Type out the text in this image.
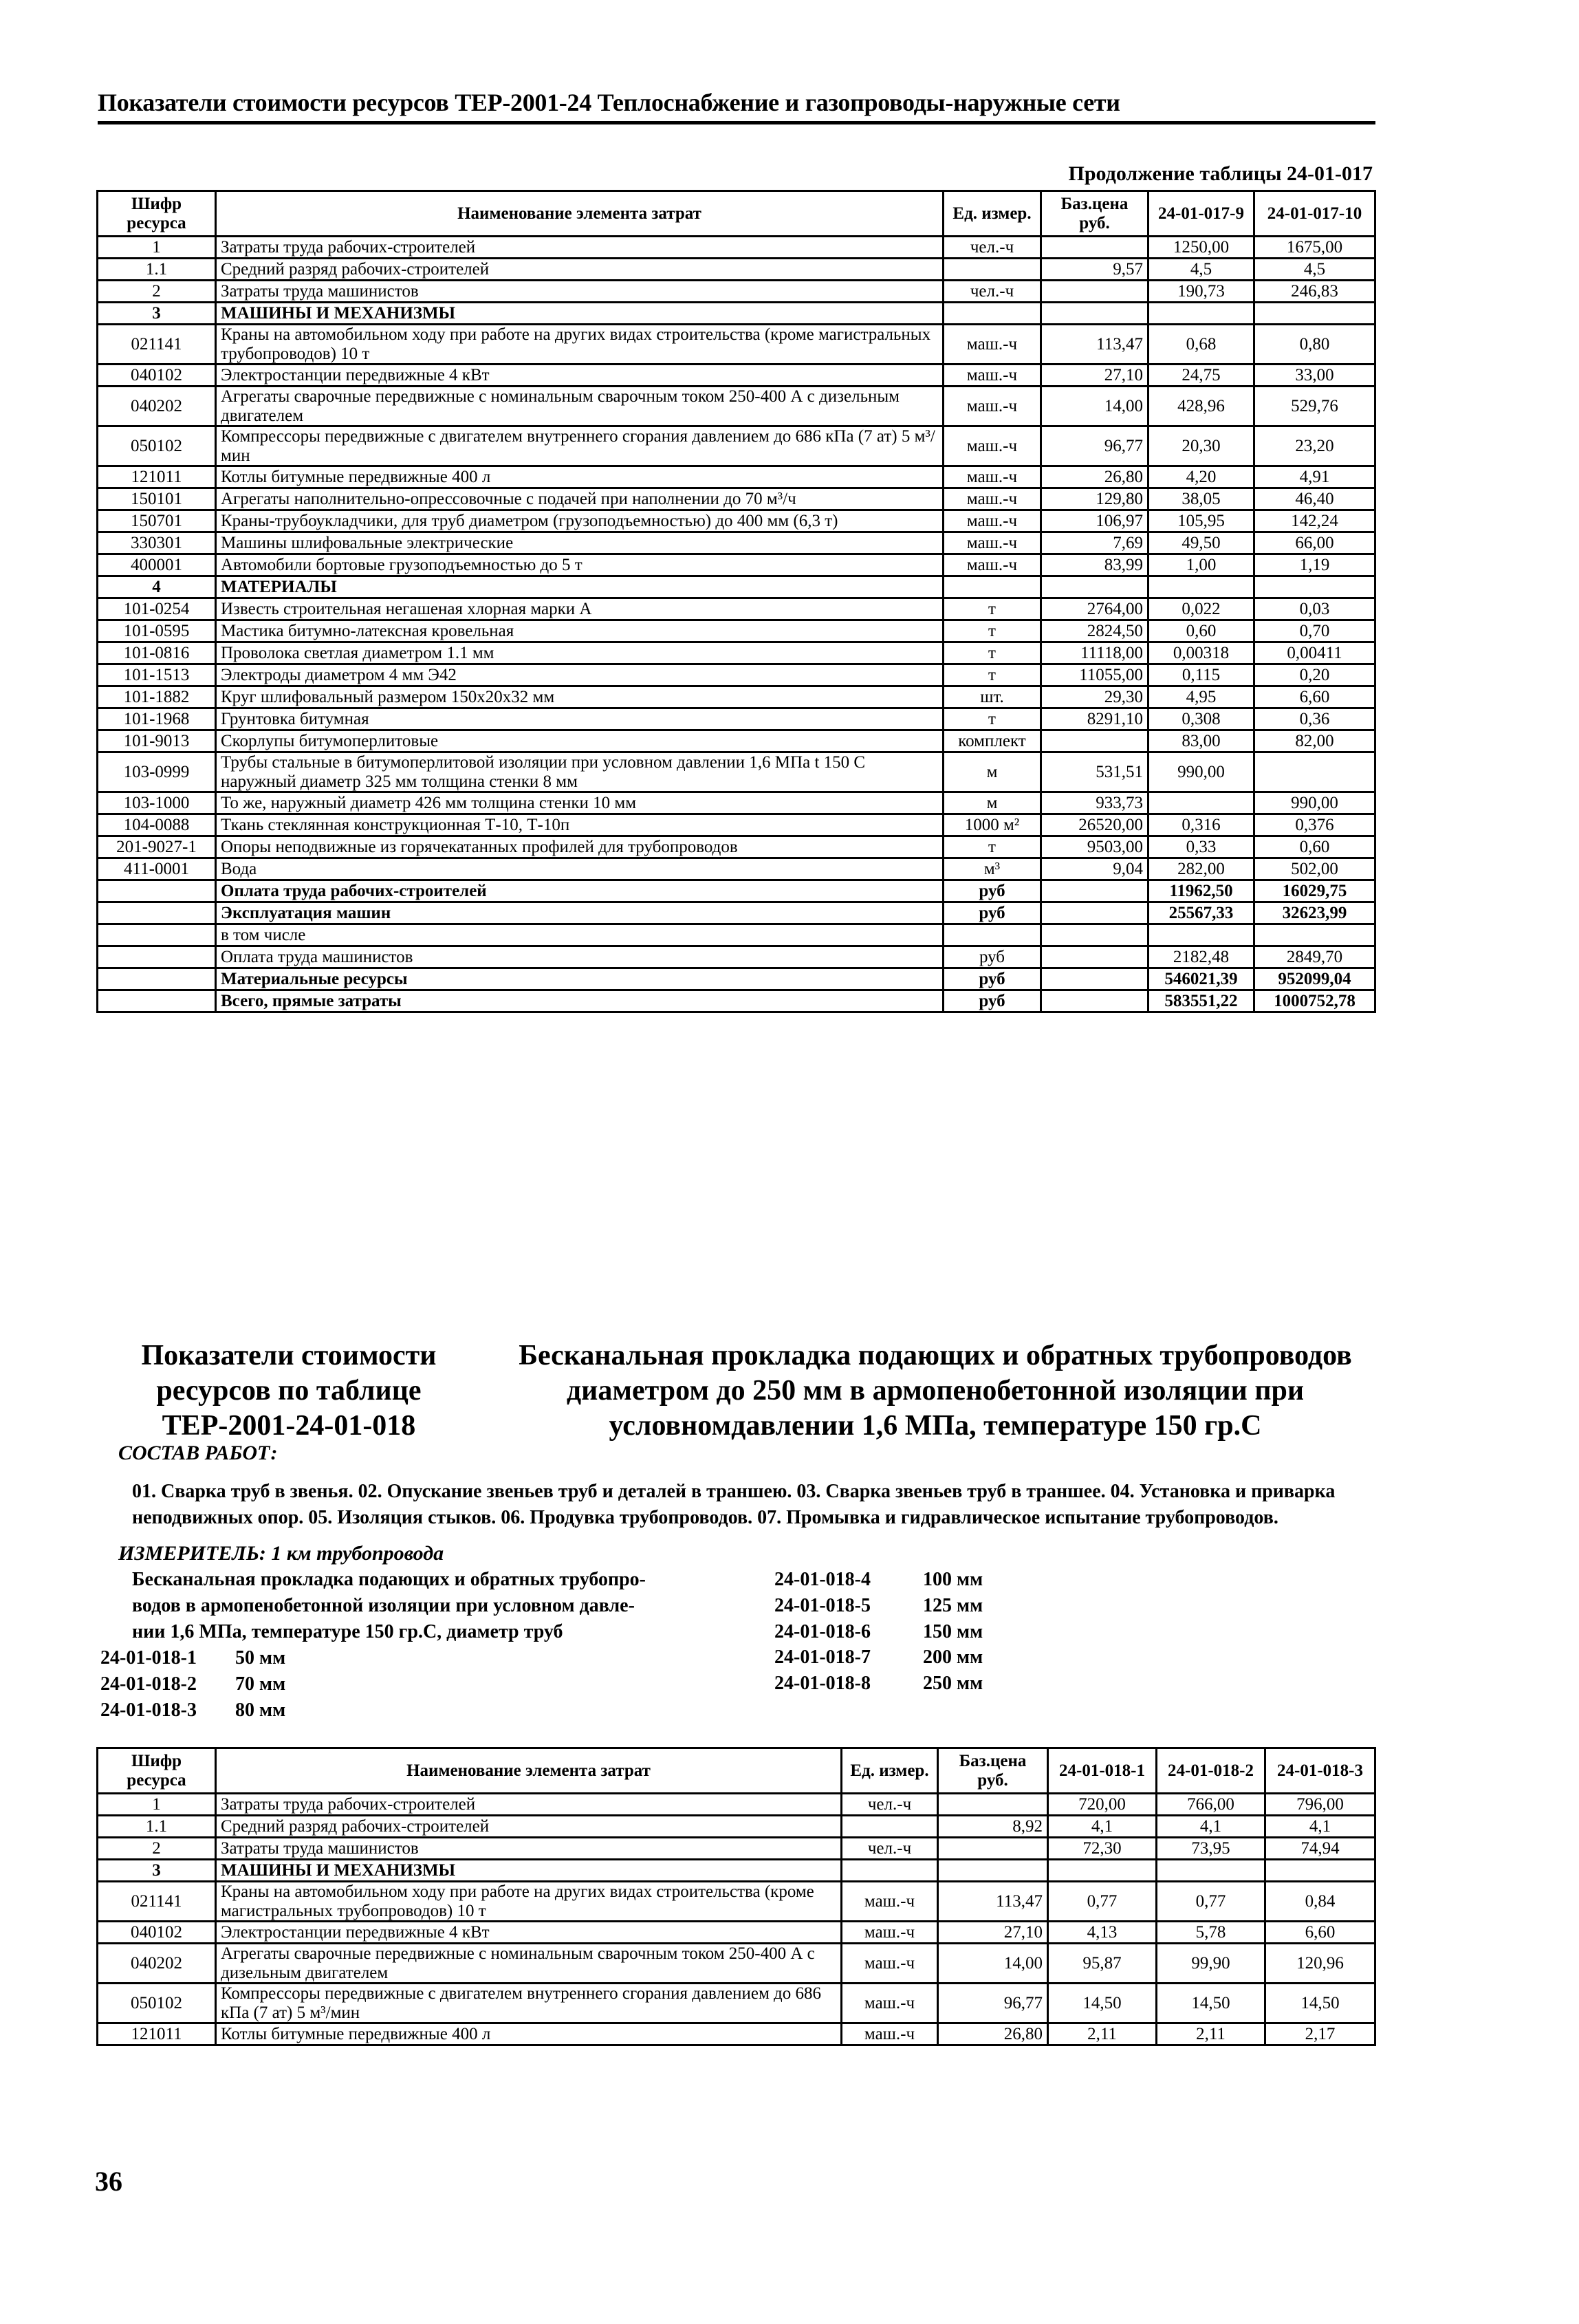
Показатели стоимости ресурсов ТЕР-2001-24 Теплоснабжение и газопроводы-наружные сети
Продолжение таблицы 24-01-017
Шифр ресурса	Наименование элемента затрат	Ед. измер.	Баз.цена руб.	24-01-017-9	24-01-017-10
1	Затраты труда рабочих-строителей	чел.-ч		1250,00	1675,00
1.1	Средний разряд рабочих-строителей		9,57	4,5	4,5
2	Затраты труда машинистов	чел.-ч		190,73	246,83
3	МАШИНЫ И МЕХАНИЗМЫ				
021141	Краны на автомобильном ходу при работе на других видах строительства (кроме магистральных трубопроводов) 10 т	маш.-ч	113,47	0,68	0,80
040102	Электростанции передвижные 4 кВт	маш.-ч	27,10	24,75	33,00
040202	Агрегаты сварочные передвижные с номинальным сварочным током 250-400 А с дизельным двигателем	маш.-ч	14,00	428,96	529,76
050102	Компрессоры передвижные с двигателем внутреннего сгорания давлением до 686 кПа (7 ат) 5 м³/мин	маш.-ч	96,77	20,30	23,20
121011	Котлы битумные передвижные 400 л	маш.-ч	26,80	4,20	4,91
150101	Агрегаты наполнительно-опрессовочные с подачей при наполнении до 70 м³/ч	маш.-ч	129,80	38,05	46,40
150701	Краны-трубоукладчики, для труб диаметром (грузоподъемностью) до 400 мм (6,3 т)	маш.-ч	106,97	105,95	142,24
330301	Машины шлифовальные электрические	маш.-ч	7,69	49,50	66,00
400001	Автомобили бортовые грузоподъемностью до 5 т	маш.-ч	83,99	1,00	1,19
4	МАТЕРИАЛЫ				
101-0254	Известь строительная негашеная хлорная марки А	т	2764,00	0,022	0,03
101-0595	Мастика битумно-латексная кровельная	т	2824,50	0,60	0,70
101-0816	Проволока светлая диаметром 1.1 мм	т	11118,00	0,00318	0,00411
101-1513	Электроды диаметром 4 мм Э42	т	11055,00	0,115	0,20
101-1882	Круг шлифовальный размером 150х20х32 мм	шт.	29,30	4,95	6,60
101-1968	Грунтовка битумная	т	8291,10	0,308	0,36
101-9013	Скорлупы битумоперлитовые	комплект		83,00	82,00
103-0999	Трубы стальные в битумоперлитовой изоляции при условном давлении 1,6 МПа t 150 С наружный диаметр 325 мм толщина стенки 8 мм	м	531,51	990,00	
103-1000	То же, наружный диаметр 426 мм толщина стенки 10 мм	м	933,73		990,00
104-0088	Ткань стеклянная конструкционная Т-10, Т-10п	1000 м²	26520,00	0,316	0,376
201-9027-1	Опоры неподвижные из горячекатанных профилей для трубопроводов	т	9503,00	0,33	0,60
411-0001	Вода	м³	9,04	282,00	502,00
	Оплата труда рабочих-строителей	руб		11962,50	16029,75
	Эксплуатация машин	руб		25567,33	32623,99
	в том числе				
	Оплата труда машинистов	руб		2182,48	2849,70
	Материальные ресурсы	руб		546021,39	952099,04
	Всего, прямые затраты	руб		583551,22	1000752,78
Показатели стоимости ресурсов по таблице ТЕР-2001-24-01-018
Бесканальная прокладка подающих и обратных трубопроводов диаметром до 250 мм в армопенобетонной изоляции при условномдавлении 1,6 МПа, температуре 150 гр.С
СОСТАВ РАБОТ:
01. Сварка труб в звенья. 02. Опускание звеньев труб и деталей в траншею. 03. Сварка звеньев труб в траншее. 04. Установка и приварка неподвижных опор. 05. Изоляция стыков. 06. Продувка трубопроводов. 07. Промывка и гидравлическое испытание трубопроводов.
ИЗМЕРИТЕЛЬ: 1 км трубопровода
Бесканальная прокладка подающих и обратных трубопро-
водов в армопенобетонной изоляции при условном давле-
нии 1,6 МПа, температуре 150 гр.С, диаметр труб
24-01-018-1 50 мм
24-01-018-2 70 мм
24-01-018-3 80 мм
24-01-018-4	100 мм
24-01-018-5	125 мм
24-01-018-6	150 мм
24-01-018-7	200 мм
24-01-018-8	250 мм
Шифр ресурса	Наименование элемента затрат	Ед. измер.	Баз.цена руб.	24-01-018-1	24-01-018-2	24-01-018-3
1	Затраты труда рабочих-строителей	чел.-ч		720,00	766,00	796,00
1.1	Средний разряд рабочих-строителей		8,92	4,1	4,1	4,1
2	Затраты труда машинистов	чел.-ч		72,30	73,95	74,94
3	МАШИНЫ И МЕХАНИЗМЫ					
021141	Краны на автомобильном ходу при работе на других видах строительства (кроме магистральных трубопроводов) 10 т	маш.-ч	113,47	0,77	0,77	0,84
040102	Электростанции передвижные 4 кВт	маш.-ч	27,10	4,13	5,78	6,60
040202	Агрегаты сварочные передвижные с номинальным сварочным током 250-400 А с дизельным двигателем	маш.-ч	14,00	95,87	99,90	120,96
050102	Компрессоры передвижные с двигателем внутреннего сгорания давлением до 686 кПа (7 ат) 5 м³/мин	маш.-ч	96,77	14,50	14,50	14,50
121011	Котлы битумные передвижные 400 л	маш.-ч	26,80	2,11	2,11	2,17
36
